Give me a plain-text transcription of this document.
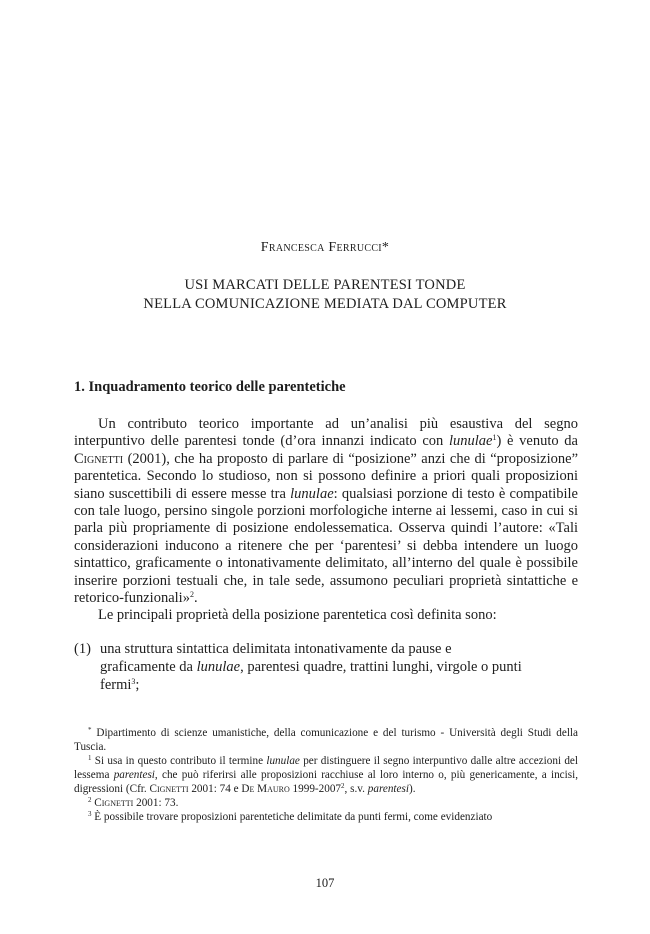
Francesca Ferrucci*
USI MARCATI DELLE PARENTESI TONDE
NELLA COMUNICAZIONE MEDIATA DAL COMPUTER
1. Inquadramento teorico delle parentetiche

Un contributo teorico importante ad un’analisi più esaustiva del segno interpuntivo delle parentesi tonde (d’ora innanzi indicato con lunulae$^1$) è venuto da Cignetti (2001), che ha proposto di parlare di “posizione” anzi che di “proposizione” parentetica. Secondo lo studioso, non si possono definire a priori quali proposizioni siano suscettibili di essere messe tra lunulae: qualsiasi porzione di testo è compatibile con tale luogo, persino singole porzioni morfologiche interne ai lessemi, caso in cui si parla più propriamente di posizione endolessematica. Osserva quindi l’autore: «Tali considerazioni inducono a ritenere che per ‘parentesi’ si debba intendere un luogo sintattico, graficamente o intonativamente delimitato, all’interno del quale è possibile inserire porzioni testuali che, in tale sede, assumono peculiari proprietà sintattiche e retorico-funzionali»$^2$.

Le principali proprietà della posizione parentetica così definita sono:

(1) una struttura sintattica delimitata intonativamente da pause e graficamente da lunulae, parentesi quadre, trattini lunghi, virgole o punti fermi$^3$;

* Dipartimento di scienze umanistiche, della comunicazione e del turismo - Università degli Studi della Tuscia.

$^1$ Si usa in questo contributo il termine lunulae per distinguere il segno interpuntivo dalle altre accezioni del lessema parentesi, che può riferirsi alle proposizioni racchiuse al loro interno o, più genericamente, a incisi, digressioni (Cfr. Cignetti 2001: 74 e De Mauro 1999-2007$^2$, s.v. parentesi).

$^2$ Cignetti 2001: 73.

$^3$ È possibile trovare proposizioni parentetiche delimitate da punti fermi, come evidenziato

107
